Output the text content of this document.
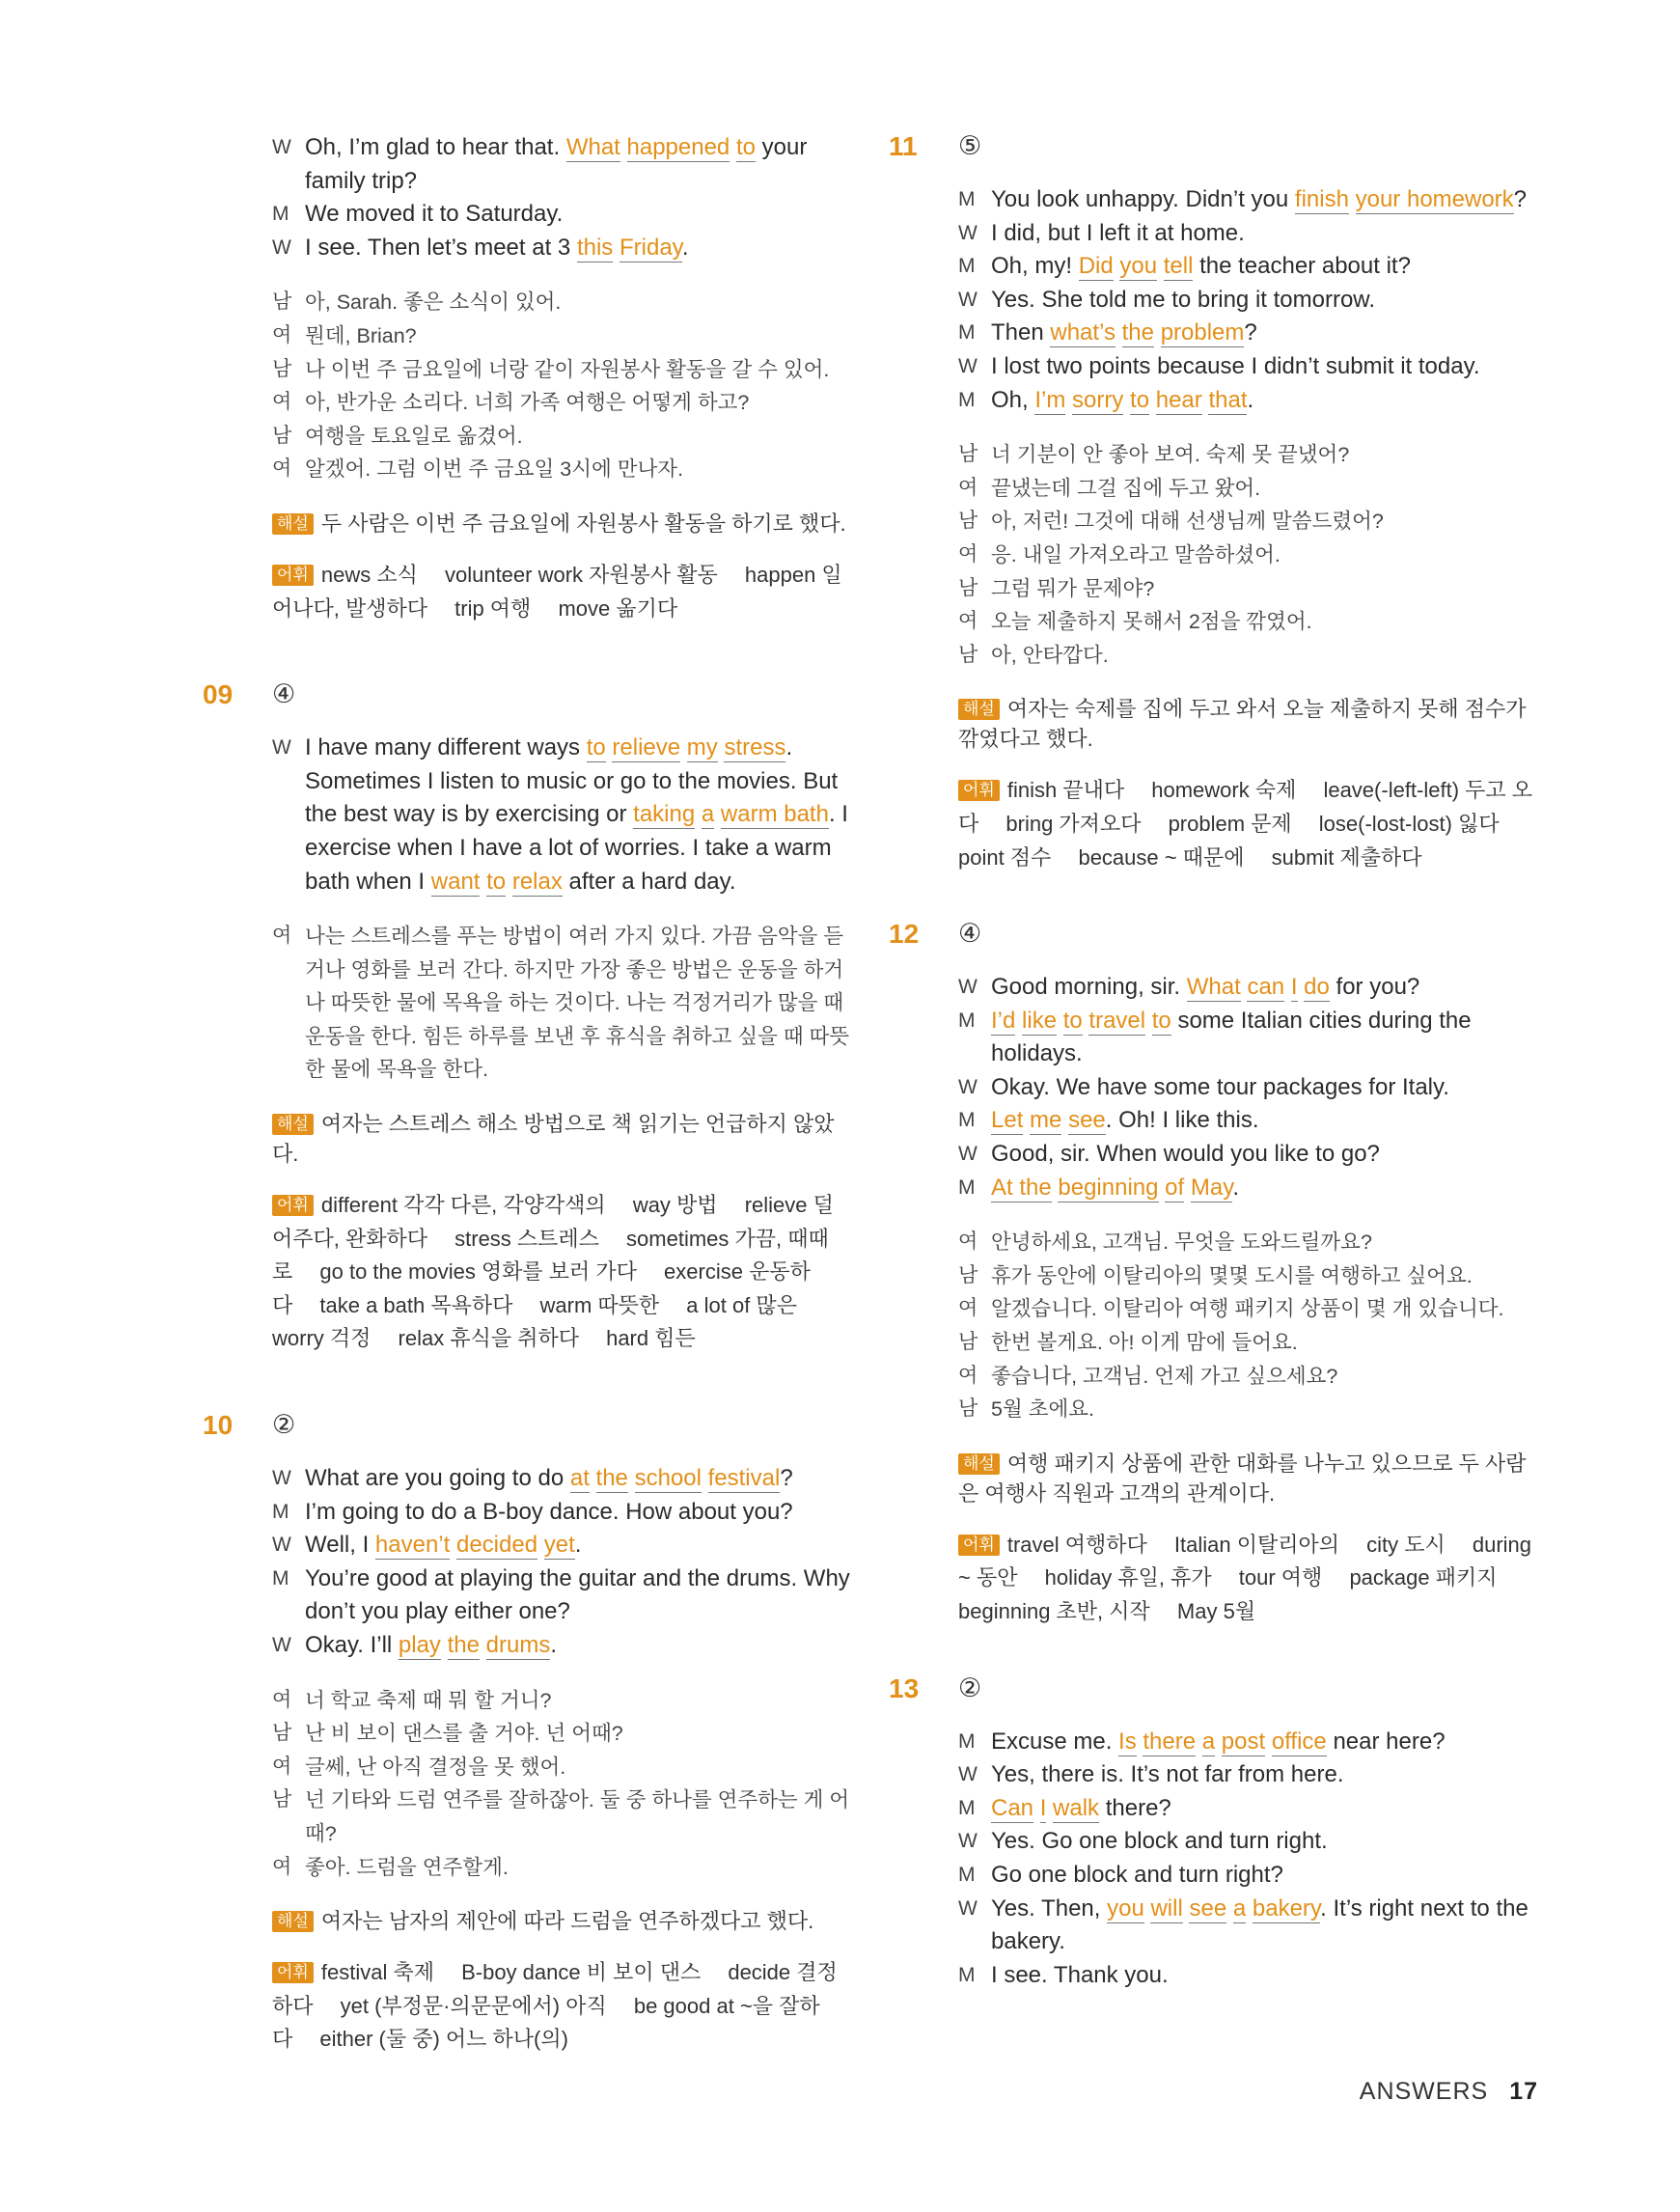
W Oh, I’m glad to hear that. What happened to your family trip?
M We moved it to Saturday.
W I see. Then let’s meet at 3 this Friday.
남 아, Sarah. 좋은 소식이 있어.
여 뭔데, Brian?
남 나 이번 주 금요일에 너랑 같이 자원봉사 활동을 갈 수 있어.
여 아, 반가운 소리다. 너희 가족 여행은 어떻게 하고?
남 여행을 토요일로 옮겼어.
여 알겠어. 그럼 이번 주 금요일 3시에 만나자.
해설 두 사람은 이번 주 금요일에 자원봉사 활동을 하기로 했다.
어휘 news 소식 volunteer work 자원봉사 활동 happen 일어나다, 발생하다 trip 여행 move 옮기다
09 ④
W I have many different ways to relieve my stress. Sometimes I listen to music or go to the movies. But the best way is by exercising or taking a warm bath. I exercise when I have a lot of worries. I take a warm bath when I want to relax after a hard day.
여 나는 스트레스를 푸는 방법이 여러 가지 있다. 가끔 음악을 듣거나 영화를 보러 간다. 하지만 가장 좋은 방법은 운동을 하거나 따뜻한 물에 목욕을 하는 것이다. 나는 걱정거리가 많을 때 운동을 한다. 힘든 하루를 보낸 후 휴식을 취하고 싶을 때 따뜻한 물에 목욕을 한다.
해설 여자는 스트레스 해소 방법으로 책 읽기는 언급하지 않았다.
어휘 different 각각 다른, 각양각색의 way 방법 relieve 덜어주다, 완화하다 stress 스트레스 sometimes 가끔, 때때로 go to the movies 영화를 보러 가다 exercise 운동하다 take a bath 목욕하다 warm 따뜻한 a lot of 많은 worry 걱정 relax 휴식을 취하다 hard 힘든
10 ②
W What are you going to do at the school festival?
M I’m going to do a B-boy dance. How about you?
W Well, I haven’t decided yet.
M You’re good at playing the guitar and the drums. Why don’t you play either one?
W Okay. I’ll play the drums.
여 너 학교 축제 때 뭐 할 거니?
남 난 비 보이 댄스를 출 거야. 넌 어때?
여 글쎄, 난 아직 결정을 못 했어.
남 넌 기타와 드럼 연주를 잘하잖아. 둘 중 하나를 연주하는 게 어때?
여 좋아. 드럼을 연주할게.
해설 여자는 남자의 제안에 따라 드럼을 연주하겠다고 했다.
어휘 festival 축제 B-boy dance 비 보이 댄스 decide 결정하다 yet (부정문·의문문에서) 아직 be good at ~을 잘하다 either (둘 중) 어느 하나(의)
11 ⑤
M You look unhappy. Didn’t you finish your homework?
W I did, but I left it at home.
M Oh, my! Did you tell the teacher about it?
W Yes. She told me to bring it tomorrow.
M Then what’s the problem?
W I lost two points because I didn’t submit it today.
M Oh, I’m sorry to hear that.
남 너 기분이 안 좋아 보여. 숙제 못 끝냈어?
여 끝냈는데 그걸 집에 두고 왔어.
남 아, 저런! 그것에 대해 선생님께 말씀드렸어?
여 응. 내일 가져오라고 말씀하셨어.
남 그럼 뭐가 문제야?
여 오늘 제출하지 못해서 2점을 깎였어.
남 아, 안타깝다.
해설 여자는 숙제를 집에 두고 와서 오늘 제출하지 못해 점수가 깎였다고 했다.
어휘 finish 끝내다 homework 숙제 leave(-left-left) 두고 오다 bring 가져오다 problem 문제 lose(-lost-lost) 잃다 point 점수 because ~ 때문에 submit 제출하다
12 ④
W Good morning, sir. What can I do for you?
M I’d like to travel to some Italian cities during the holidays.
W Okay. We have some tour packages for Italy.
M Let me see. Oh! I like this.
W Good, sir. When would you like to go?
M At the beginning of May.
여 안녕하세요, 고객님. 무엇을 도와드릴까요?
남 휴가 동안에 이탈리아의 몇몇 도시를 여행하고 싶어요.
여 알겠습니다. 이탈리아 여행 패키지 상품이 몇 개 있습니다.
남 한번 볼게요. 아! 이게 맘에 들어요.
여 좋습니다, 고객님. 언제 가고 싶으세요?
남 5월 초에요.
해설 여행 패키지 상품에 관한 대화를 나누고 있으므로 두 사람은 여행사 직원과 고객의 관계이다.
어휘 travel 여행하다 Italian 이탈리아의 city 도시 during ~ 동안 holiday 휴일, 휴가 tour 여행 package 패키지 beginning 초반, 시작 May 5월
13 ②
M Excuse me. Is there a post office near here?
W Yes, there is. It’s not far from here.
M Can I walk there?
W Yes. Go one block and turn right.
M Go one block and turn right?
W Yes. Then, you will see a bakery. It’s right next to the bakery.
M I see. Thank you.
ANSWERS 17
